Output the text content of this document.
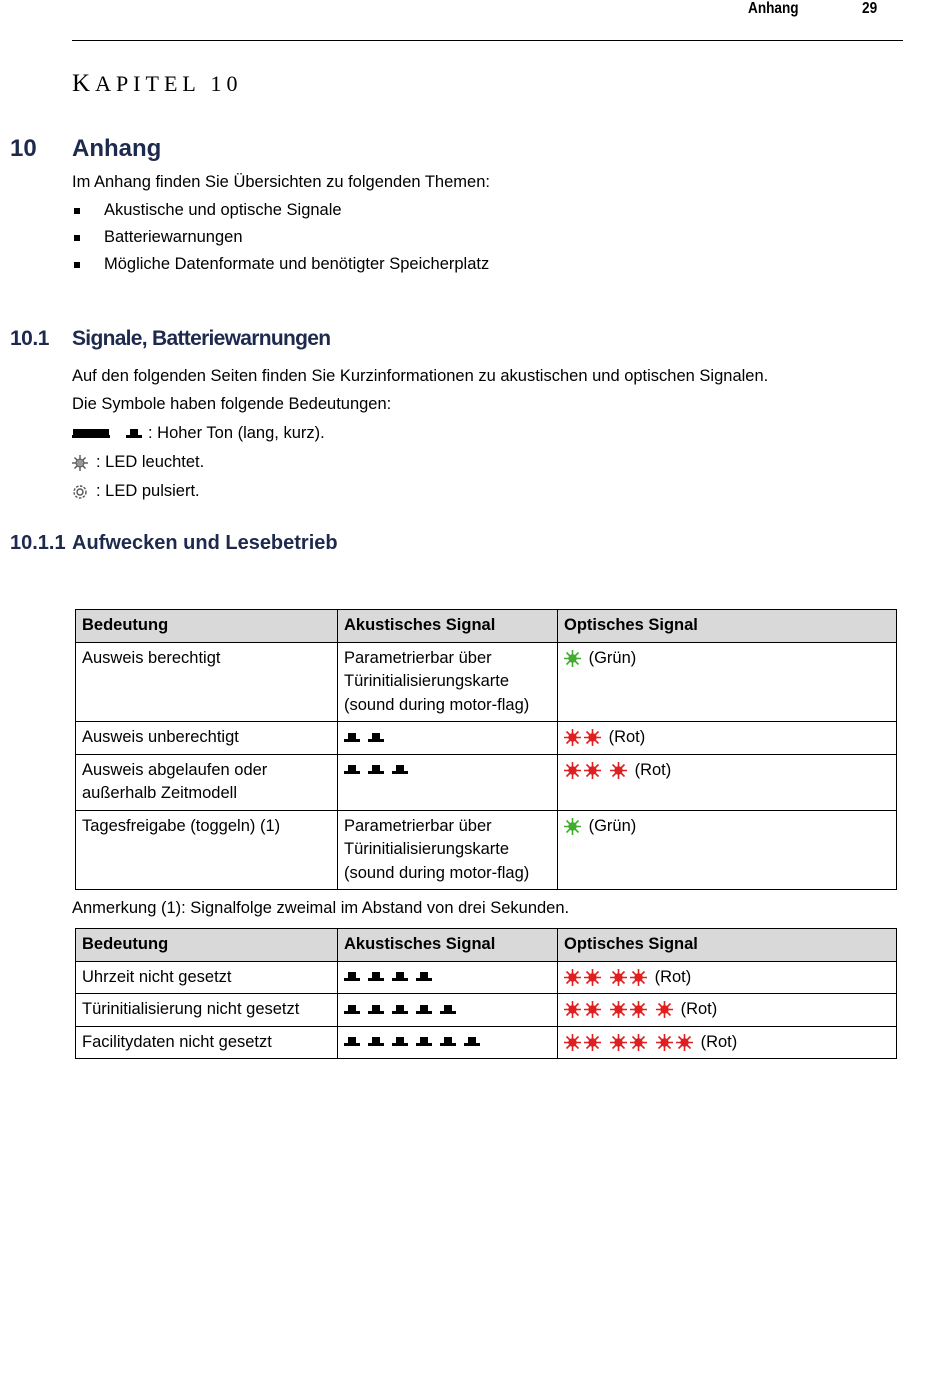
Anhang	29
KAPITEL 10
10 Anhang
Im Anhang finden Sie Übersichten zu folgenden Themen:
Akustische und optische Signale
Batteriewarnungen
Mögliche Datenformate und benötigter Speicherplatz
10.1 Signale, Batteriewarnungen
Auf den folgenden Seiten finden Sie Kurzinformationen zu akustischen und optischen Signalen.
Die Symbole haben folgende Bedeutungen:
: Hoher Ton (lang, kurz).
: LED leuchtet.
: LED pulsiert.
10.1.1 Aufwecken und Lesebetrieb
Bedeutung	Akustisches Signal	Optisches Signal
Ausweis berechtigt	Parametrierbar über Türinitialisierungskarte (sound during motor-flag)	(Grün)
Ausweis unberechtigt		(Rot)
Ausweis abgelaufen oder außerhalb Zeitmodell		(Rot)
Tagesfreigabe (toggeln) (1)	Parametrierbar über Türinitialisierungskarte (sound during motor-flag)	(Grün)
Anmerkung (1): Signalfolge zweimal im Abstand von drei Sekunden.
Bedeutung	Akustisches Signal	Optisches Signal
Uhrzeit nicht gesetzt		(Rot)
Türinitialisierung nicht gesetzt		(Rot)
Facilitydaten nicht gesetzt		(Rot)
